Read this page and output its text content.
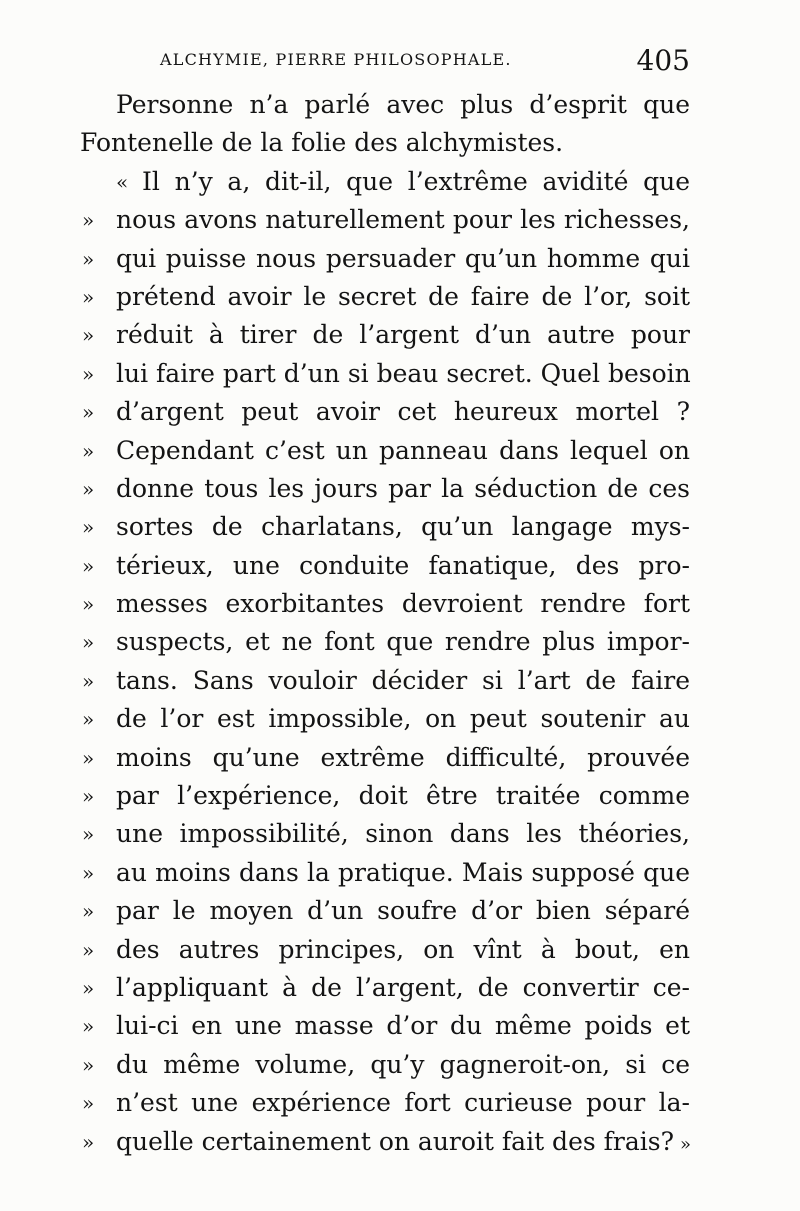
ALCHYMIE, PIERRE PHILOSOPHALE.	405
Personne n’a parlé avec plus d’esprit que
Fontenelle de la folie des alchymistes.
« Il n’y a, dit-il, que l’extrême avidité que
» nous avons naturellement pour les richesses,
» qui puisse nous persuader qu’un homme qui
» prétend avoir le secret de faire de l’or, soit
» réduit à tirer de l’argent d’un autre pour
» lui faire part d’un si beau secret. Quel besoin
» d’argent peut avoir cet heureux mortel ?
» Cependant c’est un panneau dans lequel on
» donne tous les jours par la séduction de ces
» sortes de charlatans, qu’un langage mys-
» térieux, une conduite fanatique, des pro-
» messes exorbitantes devroient rendre fort
» suspects, et ne font que rendre plus impor-
» tans. Sans vouloir décider si l’art de faire
» de l’or est impossible, on peut soutenir au
» moins qu’une extrême difficulté, prouvée
» par l’expérience, doit être traitée comme
» une impossibilité, sinon dans les théories,
» au moins dans la pratique. Mais supposé que
» par le moyen d’un soufre d’or bien séparé
» des autres principes, on vînt à bout, en
» l’appliquant à de l’argent, de convertir ce-
» lui-ci en une masse d’or du même poids et
» du même volume, qu’y gagneroit-on, si ce
» n’est une expérience fort curieuse pour la-
» quelle certainement on auroit fait des frais? »
